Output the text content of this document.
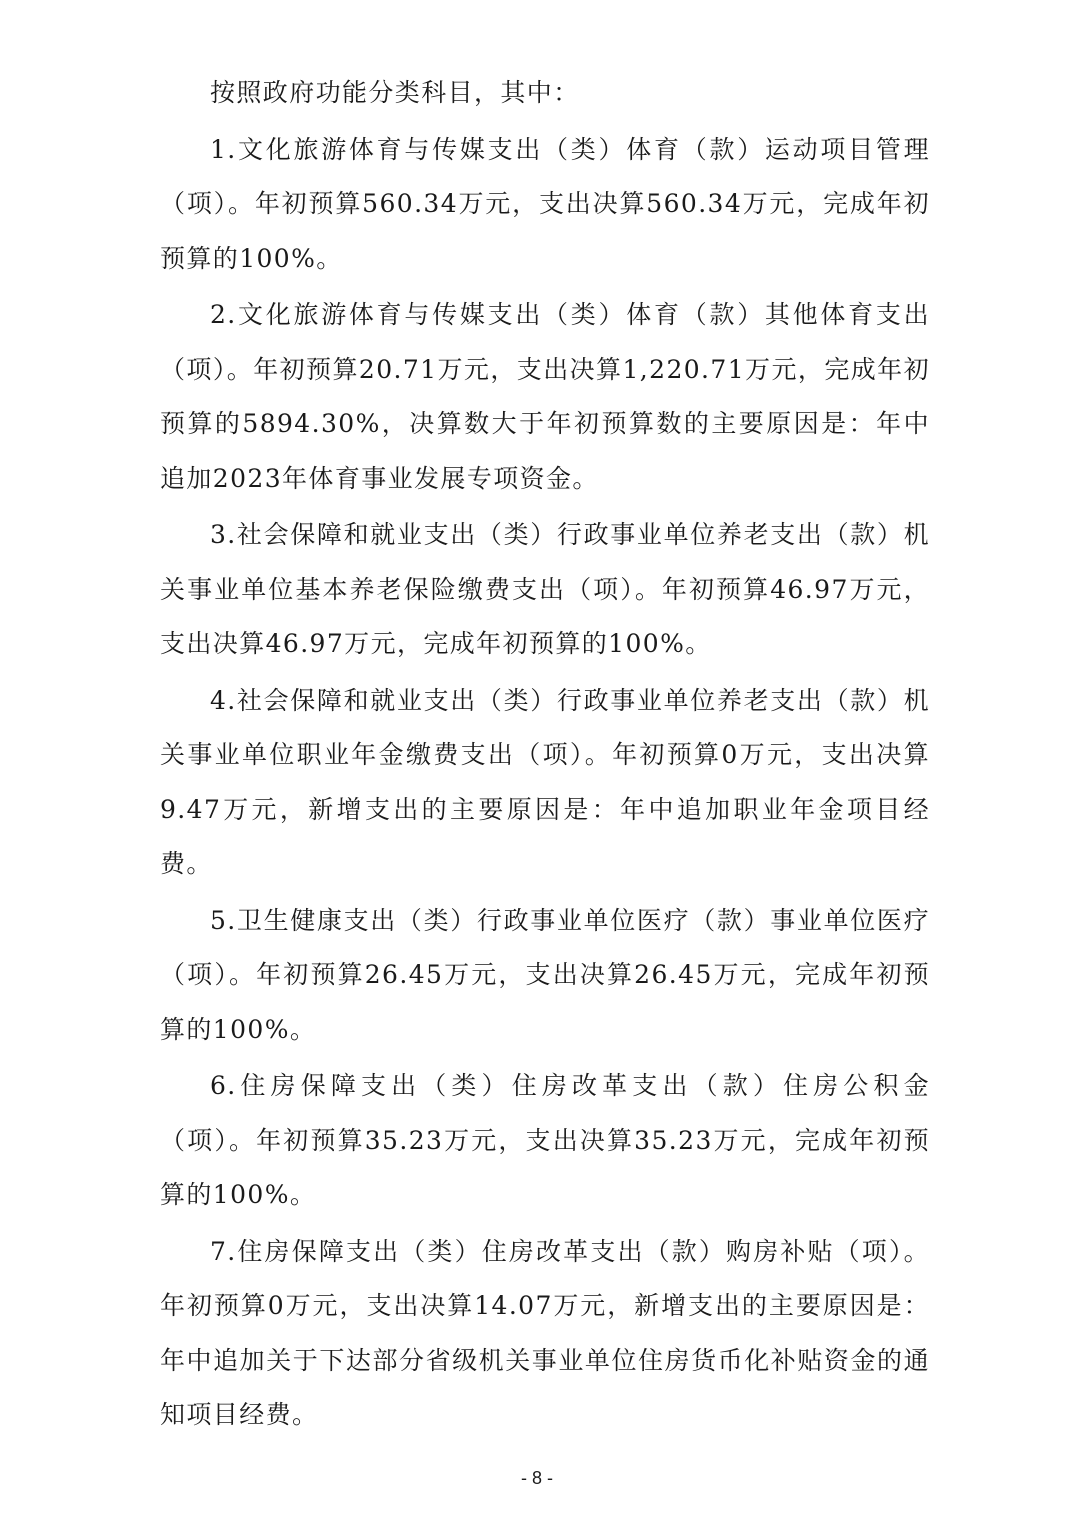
按照政府功能分类科目，其中：

1.文化旅游体育与传媒支出（类）体育（款）运动项目管理（项）。年初预算560.34万元，支出决算560.34万元，完成年初预算的100%。

2.文化旅游体育与传媒支出（类）体育（款）其他体育支出（项）。年初预算20.71万元，支出决算1,220.71万元，完成年初预算的5894.30%，决算数大于年初预算数的主要原因是：年中追加2023年体育事业发展专项资金。

3.社会保障和就业支出（类）行政事业单位养老支出（款）机关事业单位基本养老保险缴费支出（项）。年初预算46.97万元，支出决算46.97万元，完成年初预算的100%。

4.社会保障和就业支出（类）行政事业单位养老支出（款）机关事业单位职业年金缴费支出（项）。年初预算0万元，支出决算9.47万元，新增支出的主要原因是：年中追加职业年金项目经费。

5.卫生健康支出（类）行政事业单位医疗（款）事业单位医疗（项）。年初预算26.45万元，支出决算26.45万元，完成年初预算的100%。

6.住房保障支出（类）住房改革支出（款）住房公积金（项）。年初预算35.23万元，支出决算35.23万元，完成年初预算的100%。

7.住房保障支出（类）住房改革支出（款）购房补贴（项）。年初预算0万元，支出决算14.07万元，新增支出的主要原因是：年中追加关于下达部分省级机关事业单位住房货币化补贴资金的通知项目经费。

- 8 -
